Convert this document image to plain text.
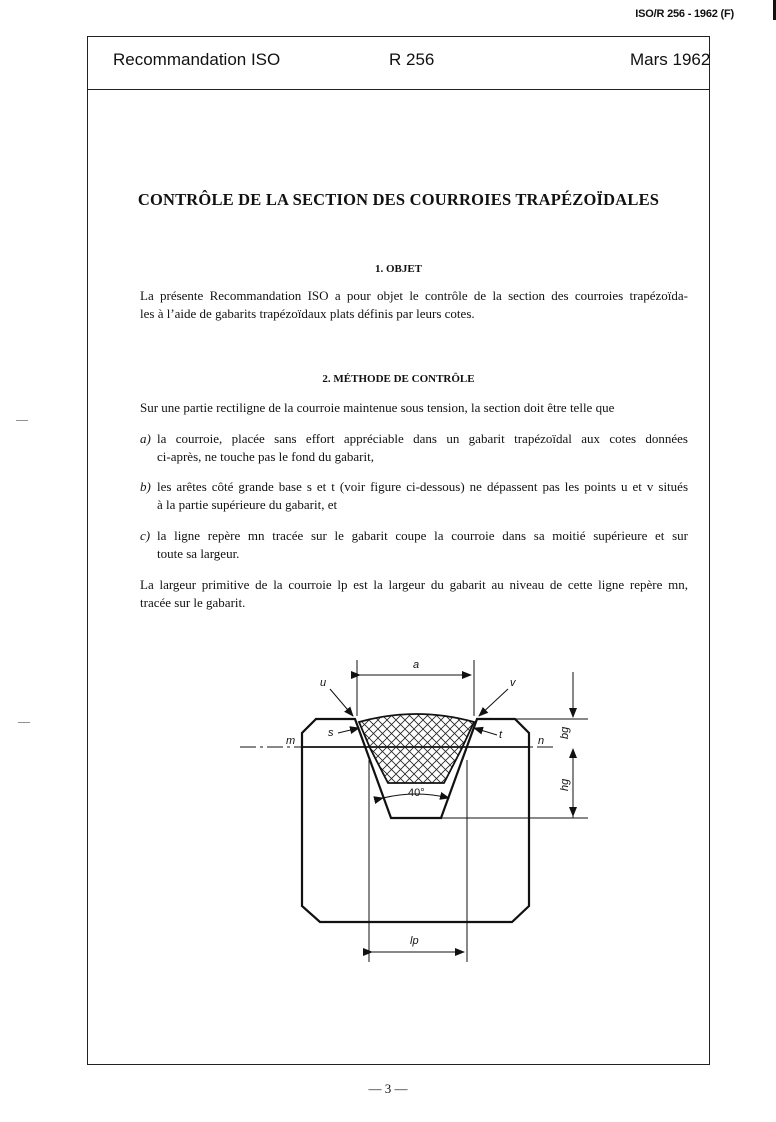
ISO/R 256 - 1962 (F)
—
—
Recommandation ISO	R 256	Mars 1962
CONTRÔLE DE LA SECTION DES COURROIES TRAPÉZOÏDALES
1. OBJET
La présente Recommandation ISO a pour objet le contrôle de la section des courroies trapézoïda-
les à l’aide de gabarits trapézoïdaux plats définis par leurs cotes.
2. MÉTHODE DE CONTRÔLE
Sur une partie rectiligne de la courroie maintenue sous tension, la section doit être telle que
a) la courroie, placée sans effort appréciable dans un gabarit trapézoïdal aux cotes données
ci-après, ne touche pas le fond du gabarit,
b) les arêtes côté grande base s et t (voir figure ci-dessous) ne dépassent pas les points u et v situés
à la partie supérieure du gabarit, et
c) la ligne repère mn tracée sur le gabarit coupe la courroie dans sa moitié supérieure et sur
toute sa largeur.
La largeur primitive de la courroie lp est la largeur du gabarit au niveau de cette ligne repère mn,
tracée sur le gabarit.
a
u	v
s	t
m	n
40°
lp
bg
hg
— 3 —
